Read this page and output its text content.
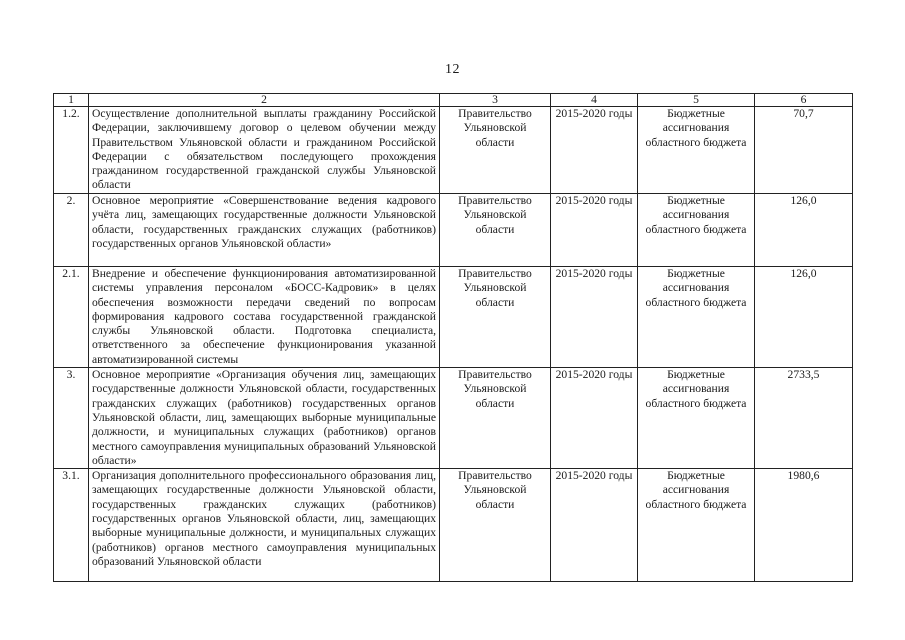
12
1	2	3	4	5	6
1.2.	Осуществление дополнительной выплаты гражданину Российской Федерации, заключившему договор о целевом обучении между Правительством Ульяновской области и гражданином Российской Федерации с обязательством последующего прохождения гражданином государственной гражданской службы Ульяновской области	Правительство Ульяновской области	2015-2020 годы	Бюджетные ассигнования областного бюджета	70,7
2.	Основное мероприятие «Совершенствование ведения кадрового учёта лиц, замещающих государственные должности Ульяновской области, государственных гражданских служащих (работников) государственных органов Ульяновской области»	Правительство Ульяновской области	2015-2020 годы	Бюджетные ассигнования областного бюджета	126,0
2.1.	Внедрение и обеспечение функционирования автоматизированной системы управления персоналом «БОСС-Кадровик» в целях обеспечения возможности передачи сведений по вопросам формирования кадрового состава государственной гражданской службы Ульяновской области. Подготовка специалиста, ответственного за обеспечение функционирования указанной автоматизированной системы	Правительство Ульяновской области	2015-2020 годы	Бюджетные ассигнования областного бюджета	126,0
3.	Основное мероприятие «Организация обучения лиц, замещающих государственные должности Ульяновской области, государственных гражданских служащих (работников) государственных органов Ульяновской области, лиц, замещающих выборные муниципальные должности, и муниципальных служащих (работников) органов местного самоуправления муниципальных образований Ульяновской области»	Правительство Ульяновской области	2015-2020 годы	Бюджетные ассигнования областного бюджета	2733,5
3.1.	Организация дополнительного профессионального образования лиц, замещающих государственные должности Ульяновской области, государственных гражданских служащих (работников) государственных органов Ульяновской области, лиц, замещающих выборные муниципальные должности, и муниципальных служащих (работников) органов местного самоуправления муниципальных образований Ульяновской области	Правительство Ульяновской области	2015-2020 годы	Бюджетные ассигнования областного бюджета	1980,6
